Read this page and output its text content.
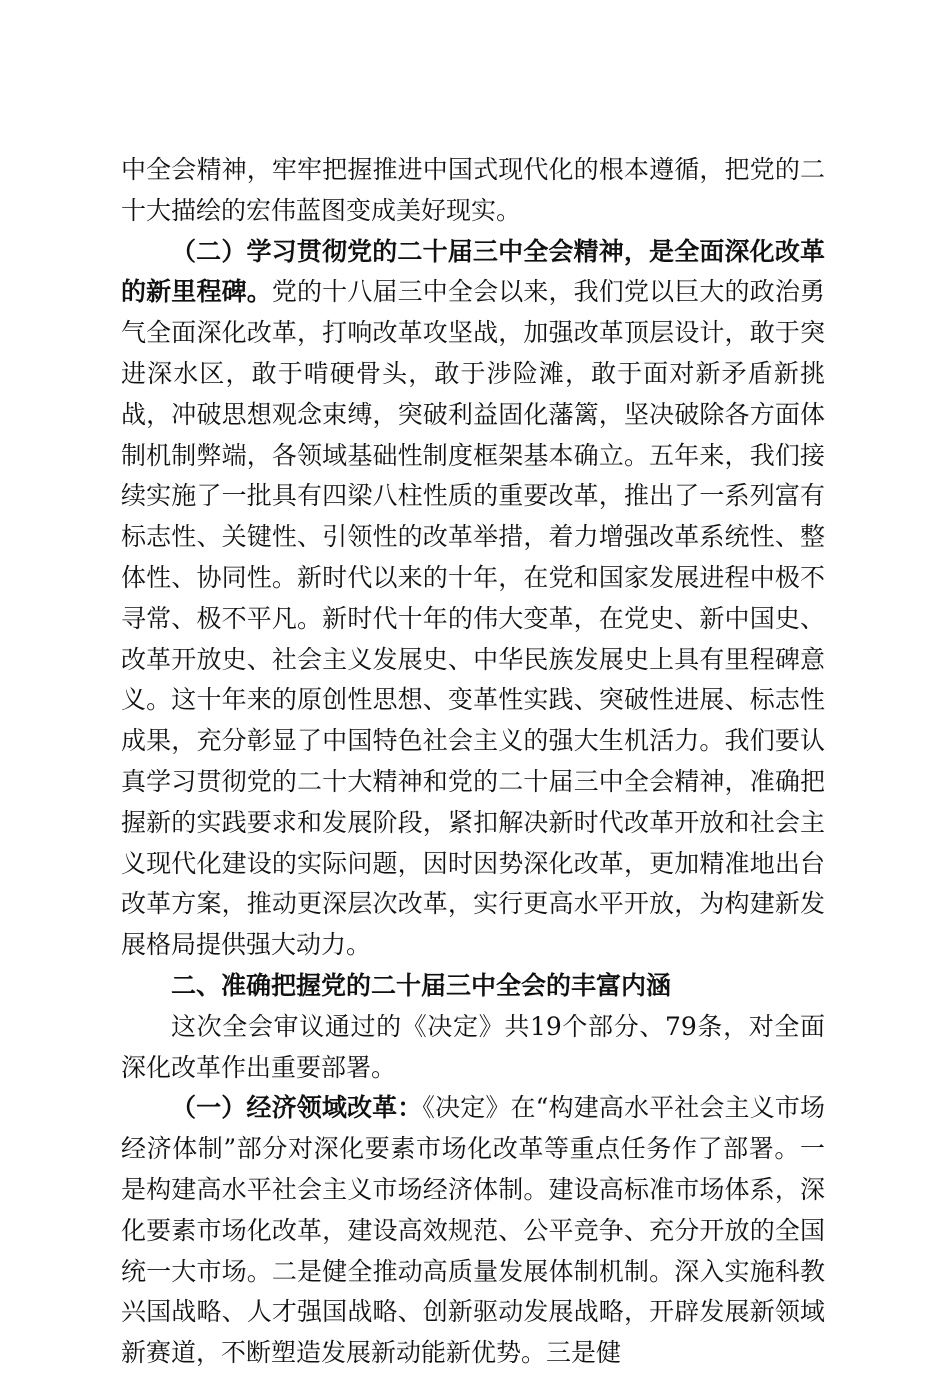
中全会精神，牢牢把握推进中国式现代化的根本遵循，把党的二十大描绘的宏伟蓝图变成美好现实。

（二）学习贯彻党的二十届三中全会精神，是全面深化改革的新里程碑。党的十八届三中全会以来，我们党以巨大的政治勇气全面深化改革，打响改革攻坚战，加强改革顶层设计，敢于突进深水区，敢于啃硬骨头，敢于涉险滩，敢于面对新矛盾新挑战，冲破思想观念束缚，突破利益固化藩篱，坚决破除各方面体制机制弊端，各领域基础性制度框架基本确立。五年来，我们接续实施了一批具有四梁八柱性质的重要改革，推出了一系列富有标志性、关键性、引领性的改革举措，着力增强改革系统性、整体性、协同性。新时代以来的十年，在党和国家发展进程中极不寻常、极不平凡。新时代十年的伟大变革，在党史、新中国史、改革开放史、社会主义发展史、中华民族发展史上具有里程碑意义。这十年来的原创性思想、变革性实践、突破性进展、标志性成果，充分彰显了中国特色社会主义的强大生机活力。我们要认真学习贯彻党的二十大精神和党的二十届三中全会精神，准确把握新的实践要求和发展阶段，紧扣解决新时代改革开放和社会主义现代化建设的实际问题，因时因势深化改革，更加精准地出台改革方案，推动更深层次改革，实行更高水平开放，为构建新发展格局提供强大动力。

二、准确把握党的二十届三中全会的丰富内涵

这次全会审议通过的《决定》共19个部分、79条，对全面深化改革作出重要部署。

（一）经济领域改革：《决定》在“构建高水平社会主义市场经济体制”部分对深化要素市场化改革等重点任务作了部署。一是构建高水平社会主义市场经济体制。建设高标准市场体系，深化要素市场化改革，建设高效规范、公平竞争、充分开放的全国统一大市场。二是健全推动高质量发展体制机制。深入实施科教兴国战略、人才强国战略、创新驱动发展战略，开辟发展新领域新赛道，不断塑造发展新动能新优势。三是健
